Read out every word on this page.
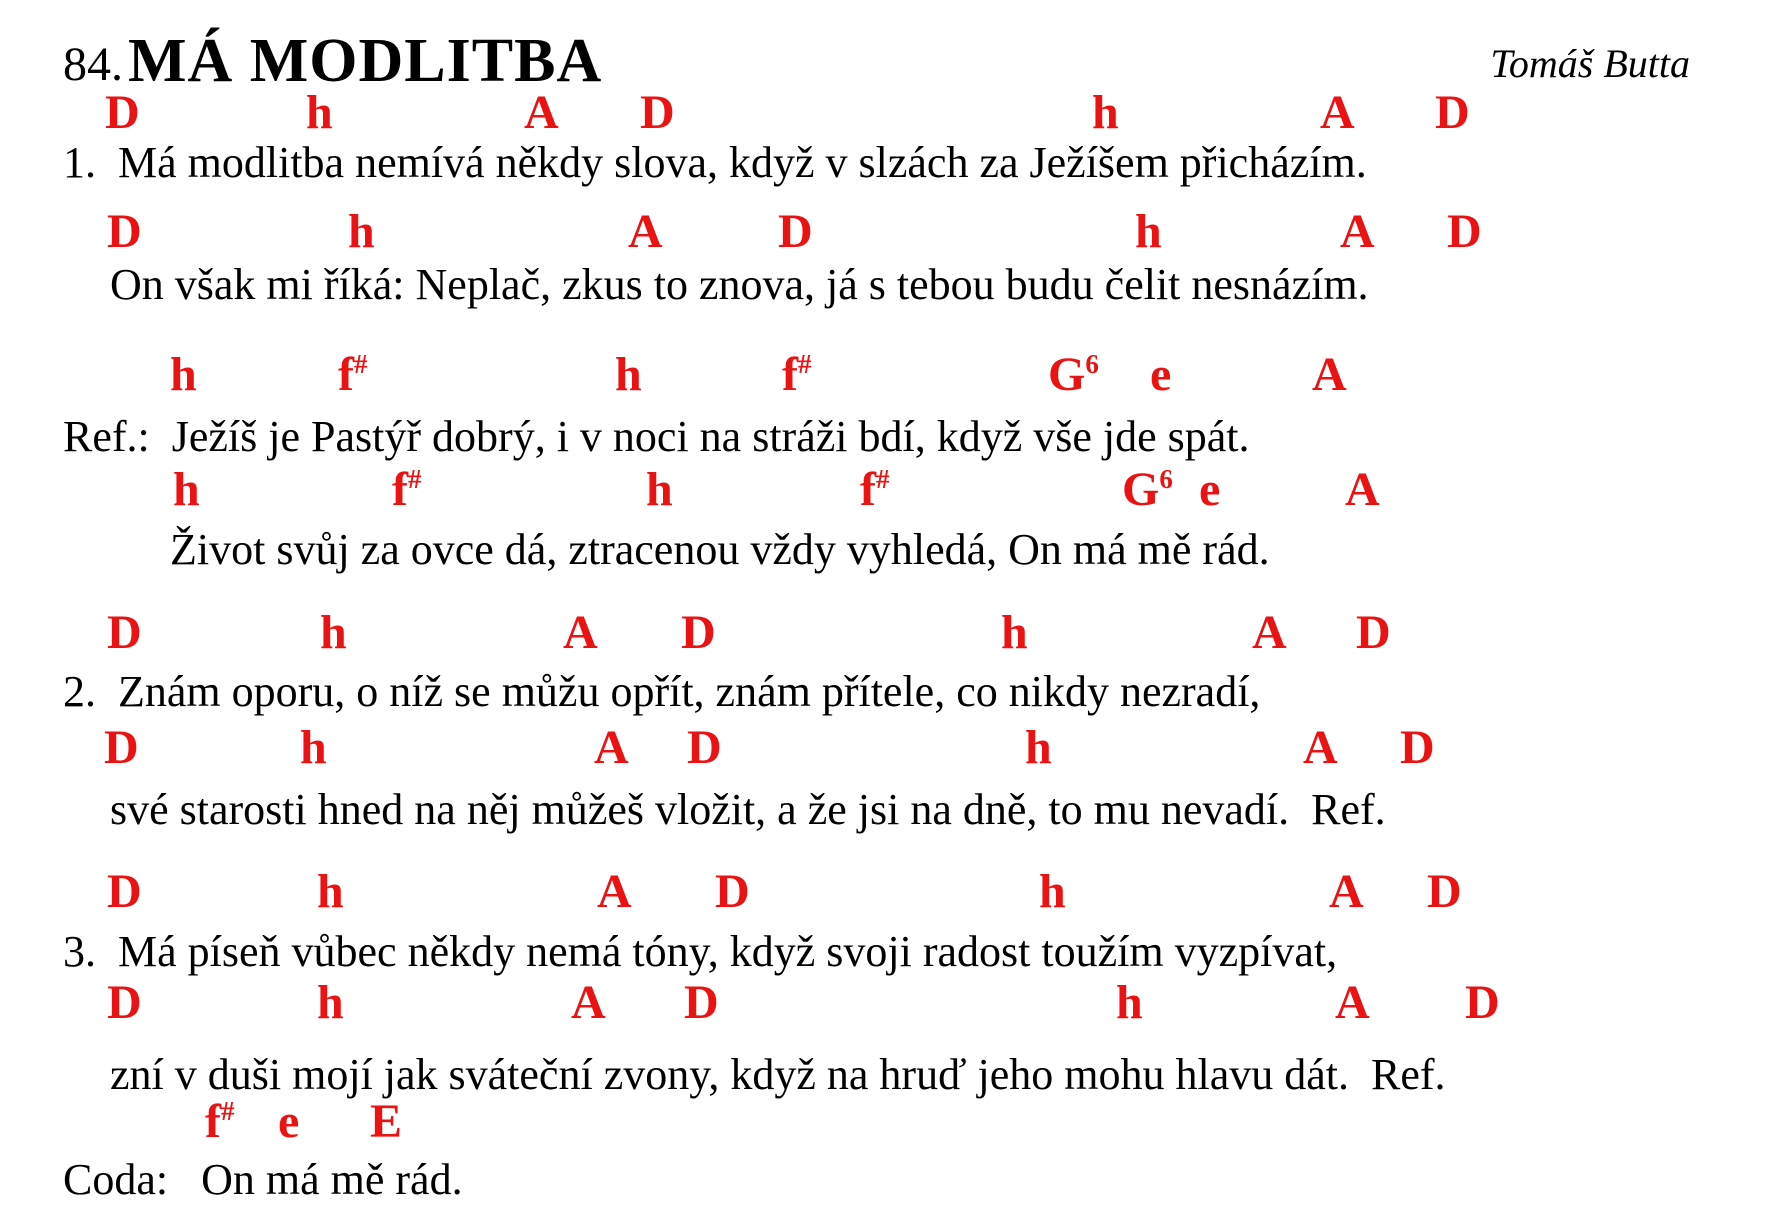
84. MÁ MODLITBA	Tomáš Butta
D	h	A D	h	A D
1.  Má modlitba nemívá někdy slova, když v slzách za Ježíšem přicházím.
D	h	A D	h	A D
On však mi říká: Neplač, zkus to znova, já s tebou budu čelit nesnázím.
h	f#	h	f#	$G^6$ e	A
Ref.:  Ježíš je Pastýř dobrý, i v noci na stráži bdí, když vše jde spát.
h	f#	h	f#	$G^6$ e	A
Život svůj za ovce dá, ztracenou vždy vyhledá, On má mě rád.
D	h	A D	h	A D
2.  Znám oporu, o níž se můžu opřít, znám přítele, co nikdy nezradí,
D	h	A D	h	A D
své starosti hned na něj můžeš vložit, a že jsi na dně, to mu nevadí.  Ref.
D	h	A D	h	A D
3.  Má píseň vůbec někdy nemá tóny, když svoji radost toužím vyzpívat,
D	h	A D	h	A D
zní v duši mojí jak sváteční zvony, když na hruď jeho mohu hlavu dát.  Ref.
f# e E
Coda:   On má mě rád.
